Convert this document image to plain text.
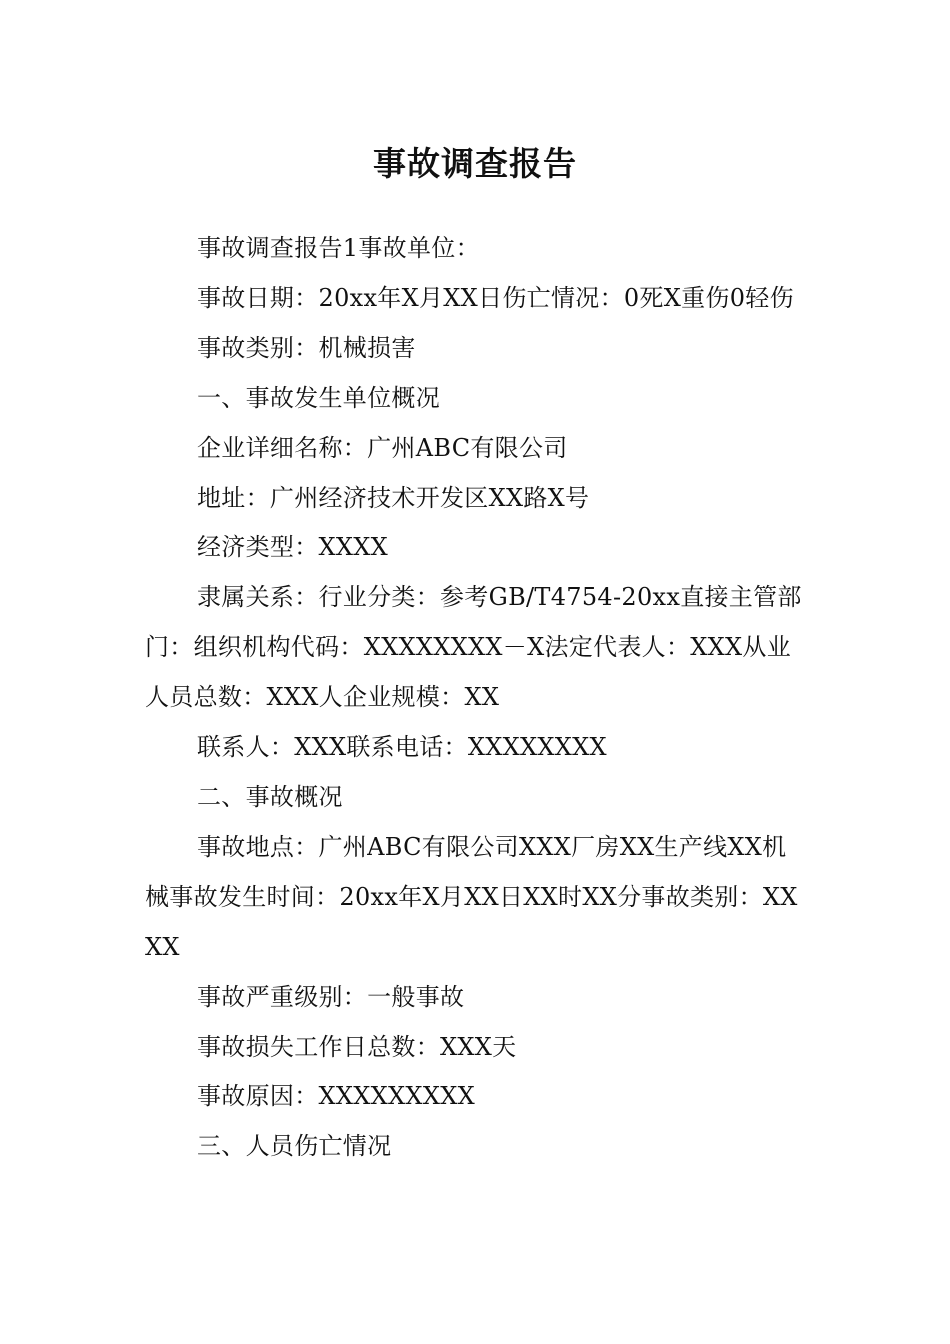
事故调查报告

事故调查报告1事故单位：

事故日期：20xx年X月XX日伤亡情况：0死X重伤0轻伤

事故类别：机械损害

一、事故发生单位概况

企业详细名称：广州ABC有限公司

地址：广州经济技术开发区XX路X号

经济类型：XXXX

隶属关系：行业分类：参考GB/T4754-20xx直接主管部门：组织机构代码：XXXXXXXX－X法定代表人：XXX从业人员总数：XXX人企业规模：XX

联系人：XXX联系电话：XXXXXXXX

二、事故概况

事故地点：广州ABC有限公司XXX厂房XX生产线XX机械事故发生时间：20xx年X月XX日XX时XX分事故类别：XXXX

事故严重级别：一般事故

事故损失工作日总数：XXX天

事故原因：XXXXXXXXX

三、人员伤亡情况
